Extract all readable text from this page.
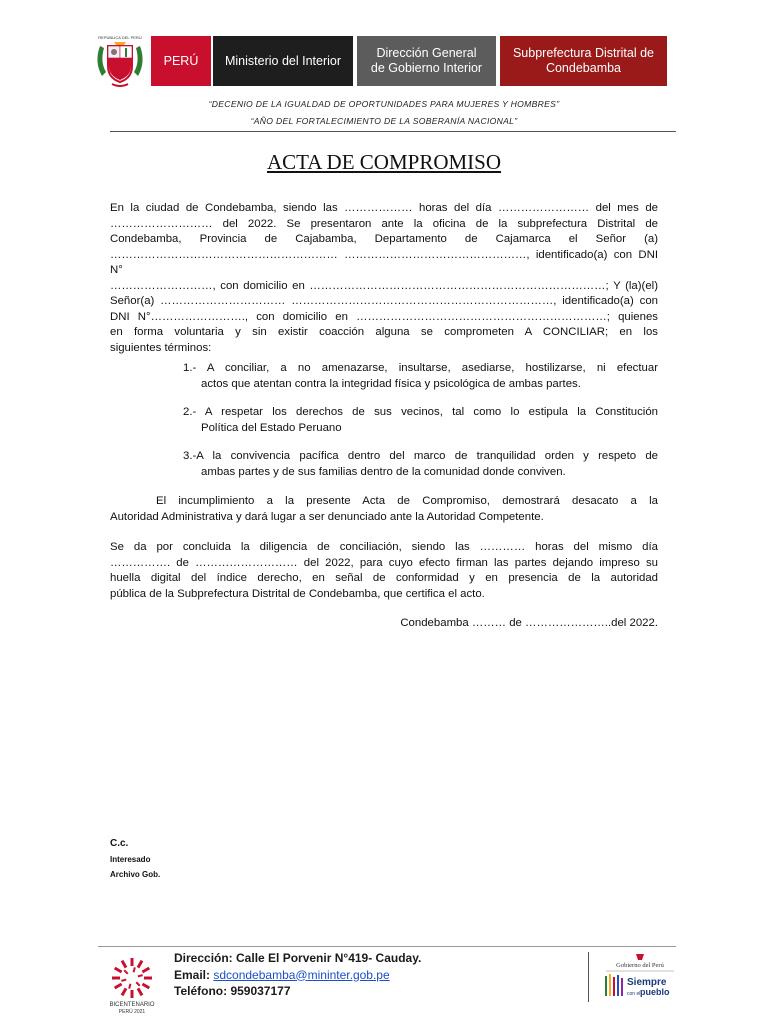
REPÚBLICA DEL PERÚ
PERÚ Ministerio del Interior
Dirección General
de Gobierno Interior
Subprefectura Distrital de
Condebamba
“DECENIO DE LA IGUALDAD DE OPORTUNIDADES PARA MUJERES Y HOMBRES”
“AÑO DEL FORTALECIMIENTO DE LA SOBERANÍA NACIONAL”
ACTA DE COMPROMISO
En la ciudad de Condebamba, siendo las ……………… horas del día …………………… del mes de
……………………… del 2022. Se presentaron ante la oficina de la subprefectura Distrital de
Condebamba, Provincia de Cajabamba, Departamento de Cajamarca el Señor (a)
…………………………………………………… …………………………………………, identificado(a) con DNI N°
………………………, con domicilio en ……………………………………………………………………; Y (la)(el)
Señor(a) …………………………… ……………………………………………………………, identificado(a) con
DNI N°……………………., con domicilio en …………………………………………………………; quienes
en forma voluntaria y sin existir coacción alguna se comprometen A CONCILIAR; en los
siguientes términos:
1.- A conciliar, a no amenazarse, insultarse, asediarse, hostilizarse, ni efectuar
actos que atentan contra la integridad física y psicológica de ambas partes.
2.- A respetar los derechos de sus vecinos, tal como lo estipula la Constitución
Política del Estado Peruano
3.-A la convivencia pacífica dentro del marco de tranquilidad orden y respeto de
ambas partes y de sus familias dentro de la comunidad donde conviven.
El incumplimiento a la presente Acta de Compromiso, demostrará desacato a la
Autoridad Administrativa y dará lugar a ser denunciado ante la Autoridad Competente.
Se da por concluida la diligencia de conciliación, siendo las ………… horas del mismo día
……………. de ……………………… del 2022, para cuyo efecto firman las partes dejando impreso su
huella digital del índice derecho, en señal de conformidad y en presencia de la autoridad
pública de la Subprefectura Distrital de Condebamba, que certifica el acto.
Condebamba ……… de …………………..del 2022.
C.c.
Interesado
Archivo Gob.
BICENTENARIO
PERÚ 2021
Dirección: Calle El Porvenir N°419- Cauday.
Email: sdcondebamba@mininter.gob.pe
Teléfono: 959037177
Gobierno del Perú
Siempre
con el pueblo
